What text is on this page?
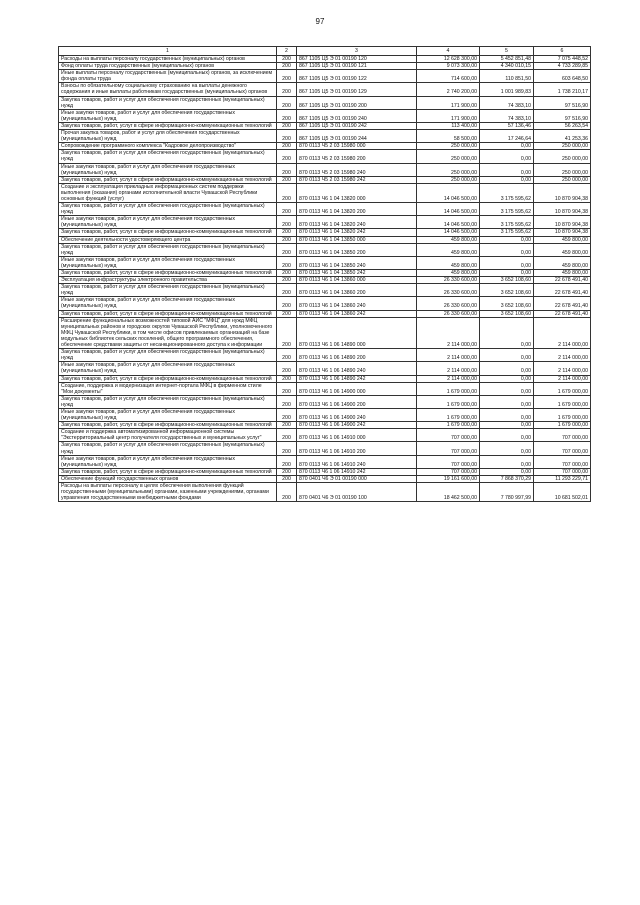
97
1	2	3	4	5	6
Расходы на выплаты персоналу государственных (муниципальных) органов	200	867 1105 Ц5 Э 01 00190 120	12 628 300,00	5 452 851,48	7 075 448,52
Фонд оплаты труда государственных (муниципальных) органов	200	867 1105 Ц5 Э 01 00190 121	9 073 300,00	4 340 010,15	4 733 289,85
Иные выплаты персоналу государственных (муниципальных) органов, за исключением фонда оплаты труда	200	867 1105 Ц5 Э 01 00190 122	714 600,00	110 851,50	603 648,50
Взносы по обязательному социальному страхованию на выплаты денежного содержания и иные выплаты работникам государственных (муниципальных) органов	200	867 1105 Ц5 Э 01 00190 129	2 740 200,00	1 001 989,83	1 738 210,17
Закупка товаров, работ и услуг для обеспечения государственных (муниципальных) нужд	200	867 1105 Ц5 Э 01 00190 200	171 900,00	74 383,10	97 516,90
Иные закупки товаров, работ и услуг для обеспечения государственных (муниципальных) нужд	200	867 1105 Ц5 Э 01 00190 240	171 900,00	74 383,10	97 516,90
Закупка товаров, работ, услуг в сфере информационно-коммуникационных технологий	200	867 1105 Ц5 Э 01 00190 242	113 400,00	57 136,46	56 263,54
Прочая закупка товаров, работ и услуг для обеспечения государственных (муниципальных) нужд	200	867 1105 Ц5 Э 01 00190 244	58 500,00	17 246,64	41 253,36
Сопровождение программного комплекса "Кадровое делопроизводство"	200	870 0113 Ч5 2 03 15980 000	250 000,00	0,00	250 000,00
Закупка товаров, работ и услуг для обеспечения государственных (муниципальных) нужд	200	870 0113 Ч5 2 03 15980 200	250 000,00	0,00	250 000,00
Иные закупки товаров, работ и услуг для обеспечения государственных (муниципальных) нужд	200	870 0113 Ч5 2 03 15980 240	250 000,00	0,00	250 000,00
Закупка товаров, работ, услуг в сфере информационно-коммуникационных технологий	200	870 0113 Ч5 2 03 15980 242	250 000,00	0,00	250 000,00
Создание и эксплуатация прикладных информационных систем поддержки выполнения (оказания) органами исполнительной власти Чувашской Республики основных функций (услуг)	200	870 0113 Ч6 1 04 13820 000	14 046 500,00	3 175 595,62	10 870 904,38
Закупка товаров, работ и услуг для обеспечения государственных (муниципальных) нужд	200	870 0113 Ч6 1 04 13820 200	14 046 500,00	3 175 595,62	10 870 904,38
Иные закупки товаров, работ и услуг для обеспечения государственных (муниципальных) нужд	200	870 0113 Ч6 1 04 13820 240	14 046 500,00	3 175 595,62	10 870 904,38
Закупка товаров, работ, услуг в сфере информационно-коммуникационных технологий	200	870 0113 Ч6 1 04 13820 242	14 046 500,00	3 175 595,62	10 870 904,38
Обеспечение деятельности удостоверяющего центра	200	870 0113 Ч6 1 04 13850 000	459 800,00	0,00	459 800,00
Закупка товаров, работ и услуг для обеспечения государственных (муниципальных) нужд	200	870 0113 Ч6 1 04 13850 200	459 800,00	0,00	459 800,00
Иные закупки товаров, работ и услуг для обеспечения государственных (муниципальных) нужд	200	870 0113 Ч6 1 04 13850 240	459 800,00	0,00	459 800,00
Закупка товаров, работ, услуг в сфере информационно-коммуникационных технологий	200	870 0113 Ч6 1 04 13850 242	459 800,00	0,00	459 800,00
Эксплуатация инфраструктуры электронного правительства	200	870 0113 Ч6 1 04 13860 000	26 330 600,00	3 652 108,60	22 678 491,40
Закупка товаров, работ и услуг для обеспечения государственных (муниципальных) нужд	200	870 0113 Ч6 1 04 13860 200	26 330 600,00	3 652 108,60	22 678 491,40
Иные закупки товаров, работ и услуг для обеспечения государственных (муниципальных) нужд	200	870 0113 Ч6 1 04 13860 240	26 330 600,00	3 652 108,60	22 678 491,40
Закупка товаров, работ, услуг в сфере информационно-коммуникационных технологий	200	870 0113 Ч6 1 04 13860 242	26 330 600,00	3 652 108,60	22 678 491,40
Расширение функциональных возможностей типовой АИС "МФЦ" для нужд МФЦ муниципальных районов и городских округов Чувашской Республики, уполномоченного МФЦ Чувашской Республики, в том числе офисов привлекаемых организаций на базе модульных библиотек сельских поселений, общего программного обеспечения, обеспечение средствами защиты от несанкционированного доступа к информации	200	870 0113 Ч6 1 06 14890 000	2 114 000,00	0,00	2 114 000,00
Закупка товаров, работ и услуг для обеспечения государственных (муниципальных) нужд	200	870 0113 Ч6 1 06 14890 200	2 114 000,00	0,00	2 114 000,00
Иные закупки товаров, работ и услуг для обеспечения государственных (муниципальных) нужд	200	870 0113 Ч6 1 06 14890 240	2 114 000,00	0,00	2 114 000,00
Закупка товаров, работ, услуг в сфере информационно-коммуникационных технологий	200	870 0113 Ч6 1 06 14890 242	2 114 000,00	0,00	2 114 000,00
Создание, поддержка и модернизация интернет-портала МФЦ в фирменном стиле "Мои документы"	200	870 0113 Ч6 1 06 14900 000	1 679 000,00	0,00	1 679 000,00
Закупка товаров, работ и услуг для обеспечения государственных (муниципальных) нужд	200	870 0113 Ч6 1 06 14900 200	1 679 000,00	0,00	1 679 000,00
Иные закупки товаров, работ и услуг для обеспечения государственных (муниципальных) нужд	200	870 0113 Ч6 1 06 14900 240	1 679 000,00	0,00	1 679 000,00
Закупка товаров, работ, услуг в сфере информационно-коммуникационных технологий	200	870 0113 Ч6 1 06 14900 242	1 679 000,00	0,00	1 679 000,00
Создание и поддержка автоматизированной информационной системы "Экстерриториальный центр получателя государственных и муниципальных услуг"	200	870 0113 Ч6 1 06 14910 000	707 000,00	0,00	707 000,00
Закупка товаров, работ и услуг для обеспечения государственных (муниципальных) нужд	200	870 0113 Ч6 1 06 14910 200	707 000,00	0,00	707 000,00
Иные закупки товаров, работ и услуг для обеспечения государственных (муниципальных) нужд	200	870 0113 Ч6 1 06 14910 240	707 000,00	0,00	707 000,00
Закупка товаров, работ, услуг в сфере информационно-коммуникационных технологий	200	870 0113 Ч6 1 06 14910 242	707 000,00	0,00	707 000,00
Обеспечение функций государственных органов	200	870 0401 Ч6 Э 01 00190 000	19 161 600,00	7 868 370,29	11 293 229,71
Расходы на выплаты персоналу в целях обеспечения выполнения функций государственными (муниципальными) органами, казенными учреждениями, органами управления государственными внебюджетными фондами	200	870 0401 Ч6 Э 01 00190 100	18 462 500,00	7 780 997,99	10 681 502,01
